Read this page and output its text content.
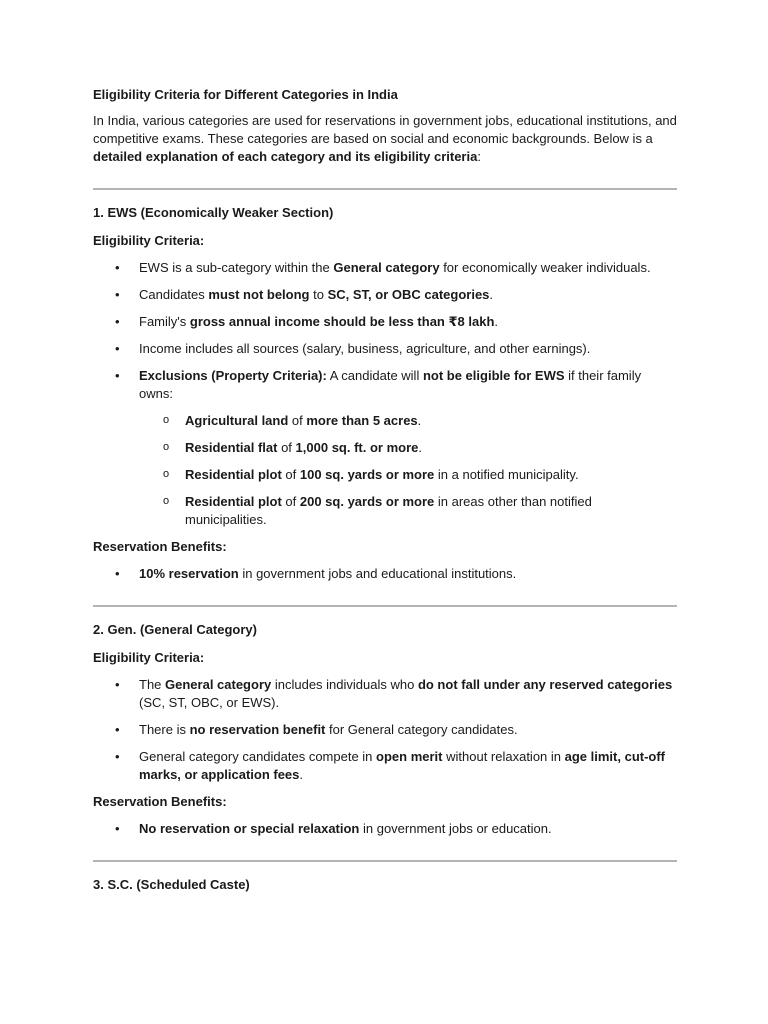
Eligibility Criteria for Different Categories in India

In India, various categories are used for reservations in government jobs, educational institutions, and competitive exams. These categories are based on social and economic backgrounds. Below is a detailed explanation of each category and its eligibility criteria:

1. EWS (Economically Weaker Section)

Eligibility Criteria:

• EWS is a sub-category within the General category for economically weaker individuals.
• Candidates must not belong to SC, ST, or OBC categories.
• Family's gross annual income should be less than ₹8 lakh.
• Income includes all sources (salary, business, agriculture, and other earnings).
• Exclusions (Property Criteria): A candidate will not be eligible for EWS if their family owns:
o Agricultural land of more than 5 acres.
o Residential flat of 1,000 sq. ft. or more.
o Residential plot of 100 sq. yards or more in a notified municipality.
o Residential plot of 200 sq. yards or more in areas other than notified municipalities.

Reservation Benefits:

• 10% reservation in government jobs and educational institutions.
2. Gen. (General Category)

Eligibility Criteria:

• The General category includes individuals who do not fall under any reserved categories (SC, ST, OBC, or EWS).
• There is no reservation benefit for General category candidates.
• General category candidates compete in open merit without relaxation in age limit, cut-off marks, or application fees.

Reservation Benefits:

• No reservation or special relaxation in government jobs or education.
3. S.C. (Scheduled Caste)
